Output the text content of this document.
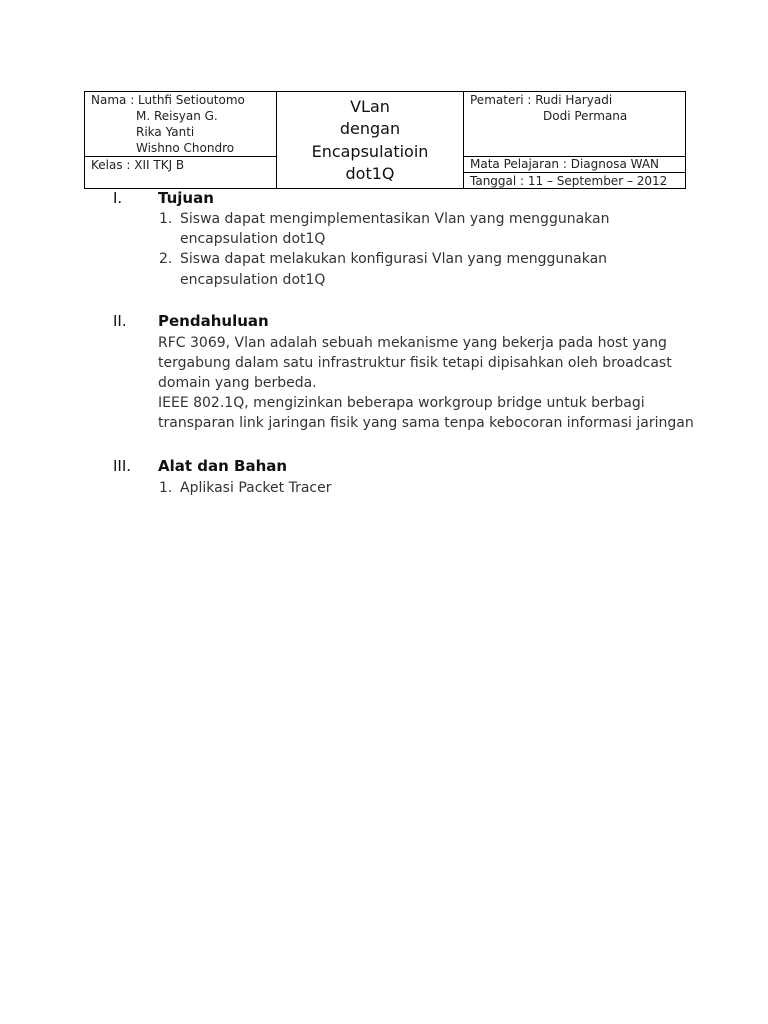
Nama : Luthfi Setioutomo
M. Reisyan G.
Rika Yanti
Wishno Chondro
Kelas : XII TKJ B
VLan
dengan
Encapsulatioin
dot1Q
Pemateri : Rudi Haryadi
Dodi Permana
Mata Pelajaran : Diagnosa WAN
Tanggal : 11 – September – 2012
I. Tujuan
1. Siswa dapat mengimplementasikan Vlan yang menggunakan
encapsulation dot1Q
2. Siswa dapat melakukan konfigurasi Vlan yang menggunakan
encapsulation dot1Q
II. Pendahuluan
RFC 3069, Vlan adalah sebuah mekanisme yang bekerja pada host yang
tergabung dalam satu infrastruktur fisik tetapi dipisahkan oleh broadcast
domain yang berbeda.
IEEE 802.1Q, mengizinkan beberapa workgroup bridge untuk berbagi
transparan link jaringan fisik yang sama tenpa kebocoran informasi jaringan
III. Alat dan Bahan
1. Aplikasi Packet Tracer
